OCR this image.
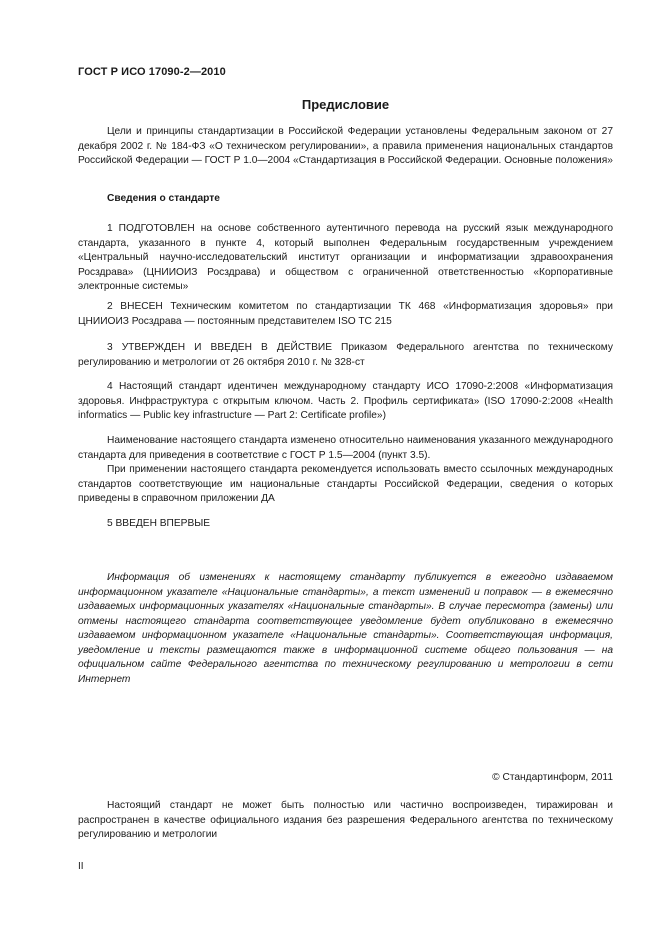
ГОСТ Р ИСО 17090-2—2010
Предисловие

Цели и принципы стандартизации в Российской Федерации установлены Федеральным законом от 27 декабря 2002 г. № 184-ФЗ «О техническом регулировании», а правила применения национальных стандартов Российской Федерации — ГОСТ Р 1.0—2004 «Стандартизация в Российской Федерации. Основные положения»

Сведения о стандарте

1 ПОДГОТОВЛЕН на основе собственного аутентичного перевода на русский язык международного стандарта, указанного в пункте 4, который выполнен Федеральным государственным учреждением «Центральный научно-исследовательский институт организации и информатизации здравоохранения Росздрава» (ЦНИИОИЗ Росздрава) и обществом с ограниченной ответственностью «Корпоративные электронные системы»

2 ВНЕСЕН Техническим комитетом по стандартизации ТК 468 «Информатизация здоровья» при ЦНИИОИЗ Росздрава — постоянным представителем ISO TC 215

3 УТВЕРЖДЕН И ВВЕДЕН В ДЕЙСТВИЕ Приказом Федерального агентства по техническому регулированию и метрологии от 26 октября 2010 г. № 328-ст

4 Настоящий стандарт идентичен международному стандарту ИСО 17090-2:2008 «Информатизация здоровья. Инфраструктура с открытым ключом. Часть 2. Профиль сертификата» (ISO 17090-2:2008 «Health informatics — Public key infrastructure — Part 2: Certificate profile»)

Наименование настоящего стандарта изменено относительно наименования указанного международного стандарта для приведения в соответствие с ГОСТ Р 1.5—2004 (пункт 3.5).

При применении настоящего стандарта рекомендуется использовать вместо ссылочных международных стандартов соответствующие им национальные стандарты Российской Федерации, сведения о которых приведены в справочном приложении ДА

5 ВВЕДЕН ВПЕРВЫЕ

Информация об изменениях к настоящему стандарту публикуется в ежегодно издаваемом информационном указателе «Национальные стандарты», а текст изменений и поправок — в ежемесячно издаваемых информационных указателях «Национальные стандарты». В случае пересмотра (замены) или отмены настоящего стандарта соответствующее уведомление будет опубликовано в ежемесячно издаваемом информационном указателе «Национальные стандарты». Соответствующая информация, уведомление и тексты размещаются также в информационной системе общего пользования — на официальном сайте Федерального агентства по техническому регулированию и метрологии в сети Интернет

© Стандартинформ, 2011

Настоящий стандарт не может быть полностью или частично воспроизведен, тиражирован и распространен в качестве официального издания без разрешения Федерального агентства по техническому регулированию и метрологии

II
